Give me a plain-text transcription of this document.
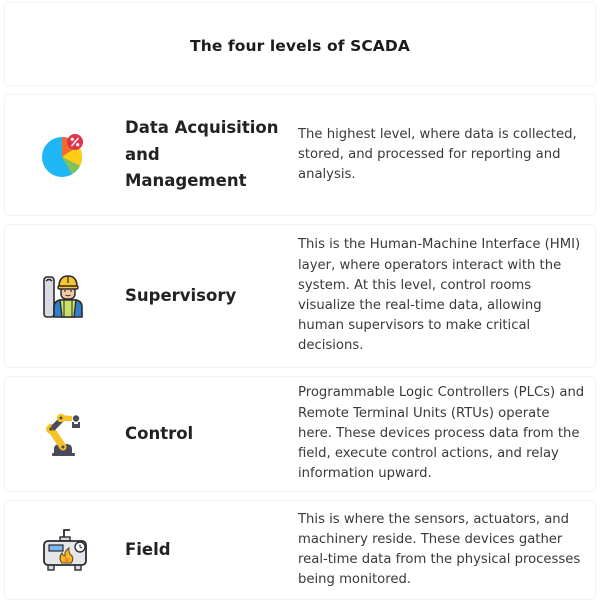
The four levels of SCADA
Data Acquisition and Management
The highest level, where data is collected, stored, and processed for reporting and analysis.
Supervisory
This is the Human-Machine Interface (HMI) layer, where operators interact with the system. At this level, control rooms visualize the real-time data, allowing human supervisors to make critical decisions.
Control
Programmable Logic Controllers (PLCs) and Remote Terminal Units (RTUs) operate here. These devices process data from the field, execute control actions, and relay information upward.
Field
This is where the sensors, actuators, and machinery reside. These devices gather real-time data from the physical processes being monitored.
